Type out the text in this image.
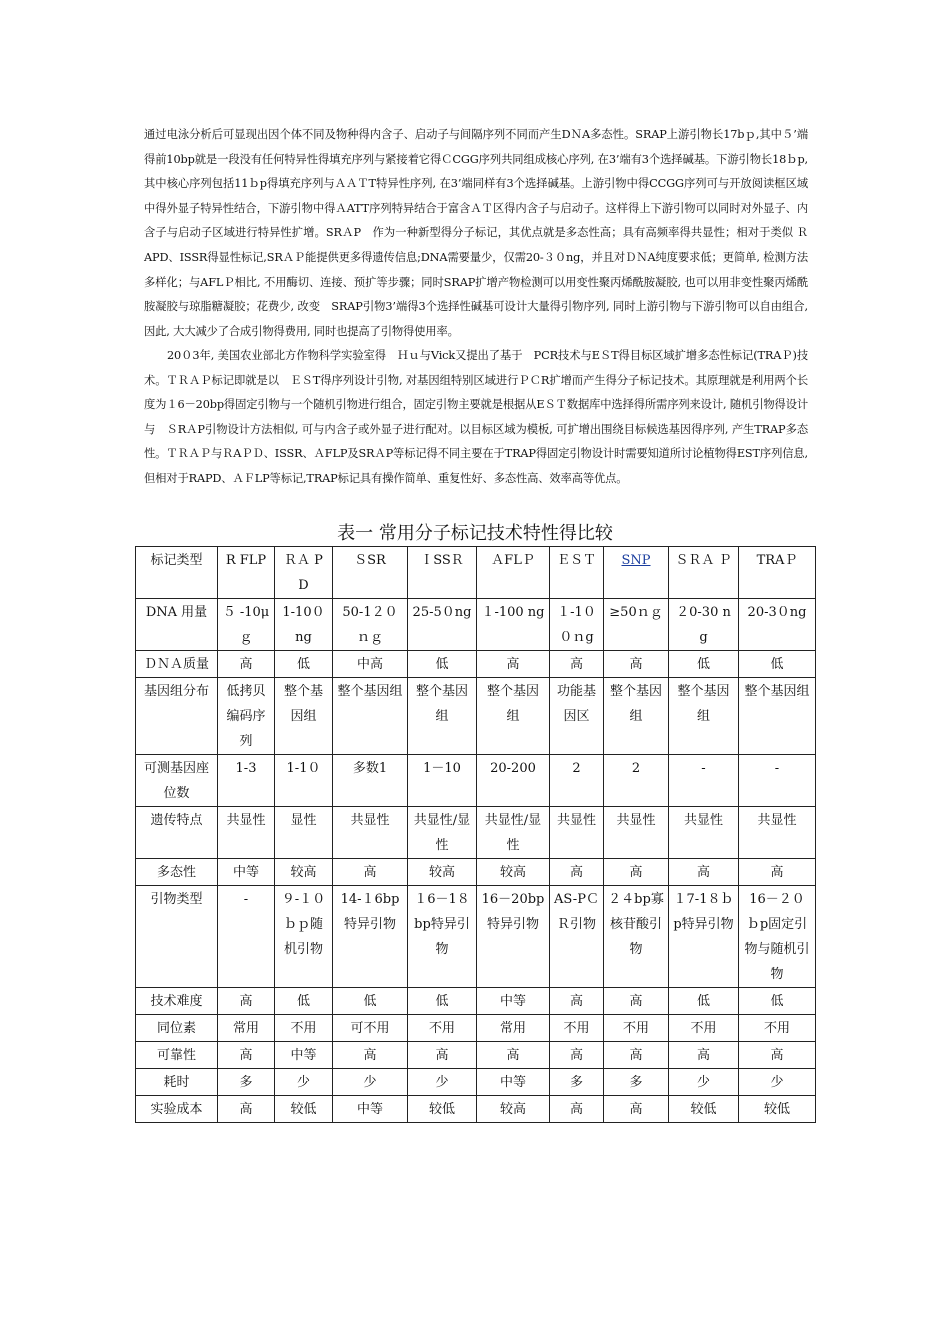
通过电泳分析后可显现出因个体不同及物种得内含子、启动子与间隔序列不同而产生DＮA多态性。SRAP上游引物长17bｐ,其中５’端得前10bp就是一段没有任何特异性得填充序列与紧接着它得ＣCGG序列共同组成核心序列, 在3’端有3个选择碱基。下游引物长18ｂp,其中核心序列包括11ｂp得填充序列与ＡＡＴT特异性序列, 在3’端同样有3个选择碱基。上游引物中得CCGG序列可与开放阅读框区域中得外显子特异性结合，下游引物中得ＡATT序列特异结合于富含ＡＴ区得内含子与启动子。这样得上下游引物可以同时对外显子、内含子与启动子区域进行特异性扩增。SRＡP　作为一种新型得分子标记，其优点就是多态性高；具有高频率得共显性；相对于类似 ＲAPD、ISSR得显性标记,SRＡＰ能提供更多得遗传信息;DNA需要量少，仅需20-３０ng，并且对ＤＮA纯度要求低；更简单, 检测方法多样化；与AFLＰ相比, 不用酶切、连接、预扩等步骤；同时SRAP扩增产物检测可以用变性聚丙烯酰胺凝胶, 也可以用非变性聚丙烯酰胺凝胶与琼脂糖凝胶；花费少, 改变　SRAP引物3’端得3个选择性碱基可设计大量得引物序列, 同时上游引物与下游引物可以自由组合, 因此, 大大减少了合成引物得费用, 同时也提高了引物得使用率。

20０3年, 美国农业部北方作物科学实验室得　Ｈｕ与Vick又提出了基于　PCR技术与EＳT得目标区域扩增多态性标记(TRAＰ)技术。ＴＲＡＰ标记即就是以　ＥＳT得序列设计引物, 对基因组特别区域进行ＰＣR扩增而产生得分子标记技术。其原理就是利用两个长度为１6－20bp得固定引物与一个随机引物进行组合，固定引物主要就是根据从EＳＴ数据库中选择得所需序列来设计, 随机引物得设计与　ＳRＡP引物设计方法相似, 可与内含子或外显子进行配对。以目标区域为模板, 可扩增出围绕目标候选基因得序列, 产生TRAP多态性。ＴＲＡＰ与ＲAＰＤ、ISSR、ＡFLP及SRＡP等标记得不同主要在于TRAP得固定引物设计时需要知道所讨论植物得EST序列信息, 但相对于RAPD、ＡＦLP等标记,TRAP标记具有操作简单、重复性好、多态性高、效率高等优点。

表一 常用分子标记技术特性得比较

标记类型	R FLP	ＲＡ PD	ＳSR	ＩSSＲ	ＡFLＰ	ＥＳＴ	SNP	ＳＲＡ Ｐ	TRAＰ
DNA 用量	５ -10μｇ	1-10０ng	50-1２０ｎｇ	25-5０ng	１-100 ng	１-1００ｎg	≥50ｎｇ	２0-30 ng	20-3０ng
ＤＮＡ质量	高	低	中高	低	高	高	高	低	低
基因组分布	低拷贝编码序列	整个基因组	整个基因组	整个基因组	整个基因组	功能基因区	整个基因组	整个基因组	整个基因组
可测基因座位数	1-3	1-1０	多数1	1－10	20-200	2	2	-	-
遗传特点	共显性	显性	共显性	共显性/显性	共显性/显性	共显性	共显性	共显性	共显性
多态性	中等	较高	高	较高	较高	高	高	高	高
引物类型	-	９-１０ｂｐ随机引物	14-１6bp特异引物	１6－1８ bp特异引物	16－20bp特异引物	AS-PＣＲ引物	２４bp寡核苷酸引物	１7-1８ｂp特异引物	16－２０ｂp固定引物与随机引物
技术难度	高	低	低	低	中等	高	高	低	低
同位素	常用	不用	可不用	不用	常用	不用	不用	不用	不用
可靠性	高	中等	高	高	高	高	高	高	高
耗时	多	少	少	少	中等	多	多	少	少
实验成本	高	较低	中等	较低	较高	高	高	较低	较低
